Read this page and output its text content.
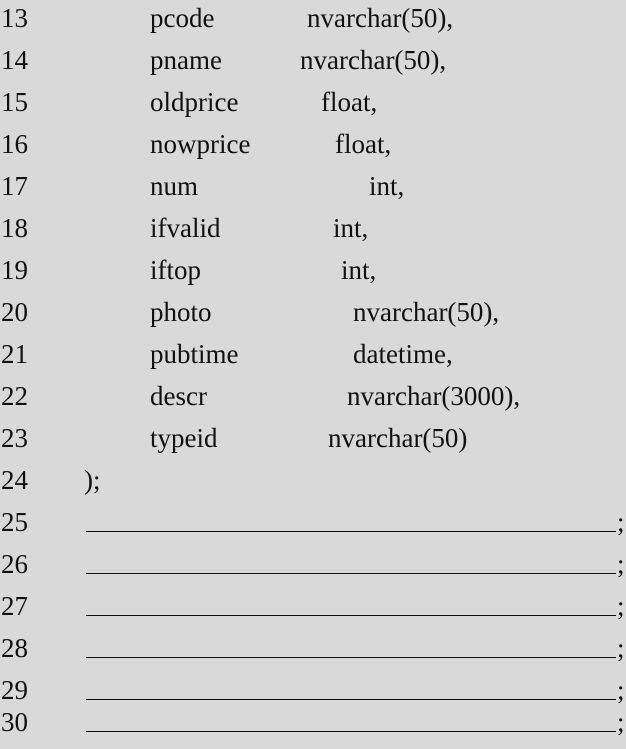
13	pcode	nvarchar(50),
14	pname	nvarchar(50),
15	oldprice	float,
16	nowprice	float,
17	num	int,
18	ifvalid	int,
19	iftop	int,
20	photo	nvarchar(50),
21	pubtime	datetime,
22	descr	nvarchar(3000),
23	typeid	nvarchar(50)
24 );
25	;
26	;
27	;
28	;
29	;
30	;
